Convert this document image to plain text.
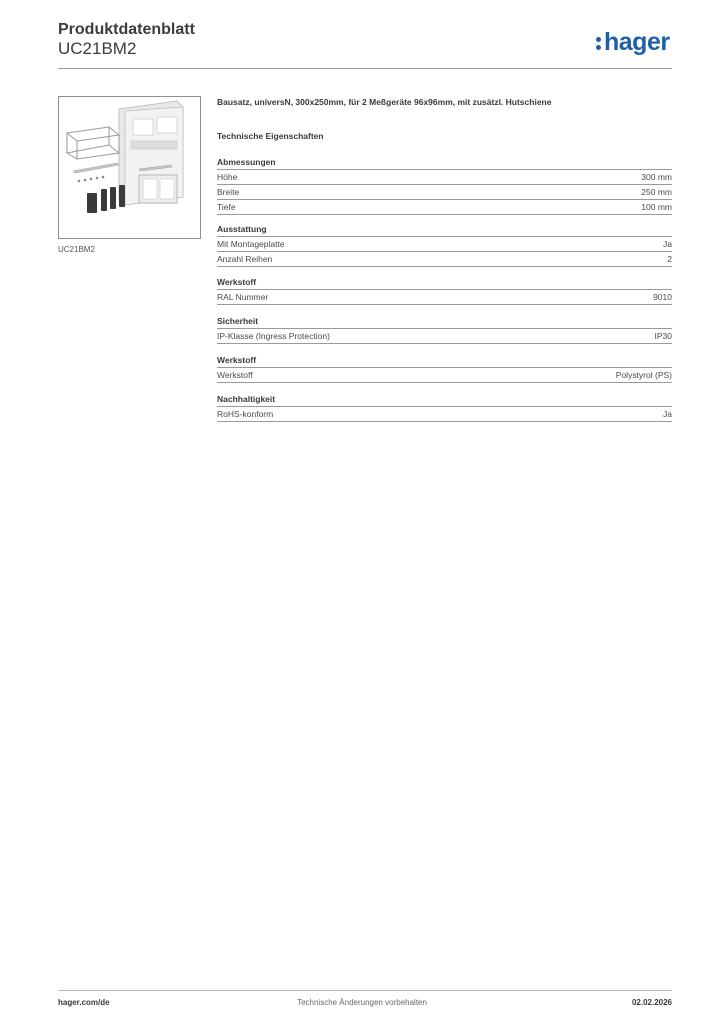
Produktdatenblatt
UC21BM2	hager
UC21BM2
Bausatz, universN, 300x250mm, für 2 Meßgeräte 96x96mm, mit zusätzl. Hutschiene
Technische Eigenschaften
Abmessungen
Höhe	300 mm
Breite	250 mm
Tiefe	100 mm
Ausstattung
Mit Montageplatte	Ja
Anzahl Reihen	2
Werkstoff
RAL Nummer	9010
Sicherheit
IP-Klasse (Ingress Protection)	IP30
Werkstoff
Werkstoff	Polystyrol (PS)
Nachhaltigkeit
RoHS-konform	Ja
hager.com/de	Technische Änderungen vorbehalten	02.02.2026
